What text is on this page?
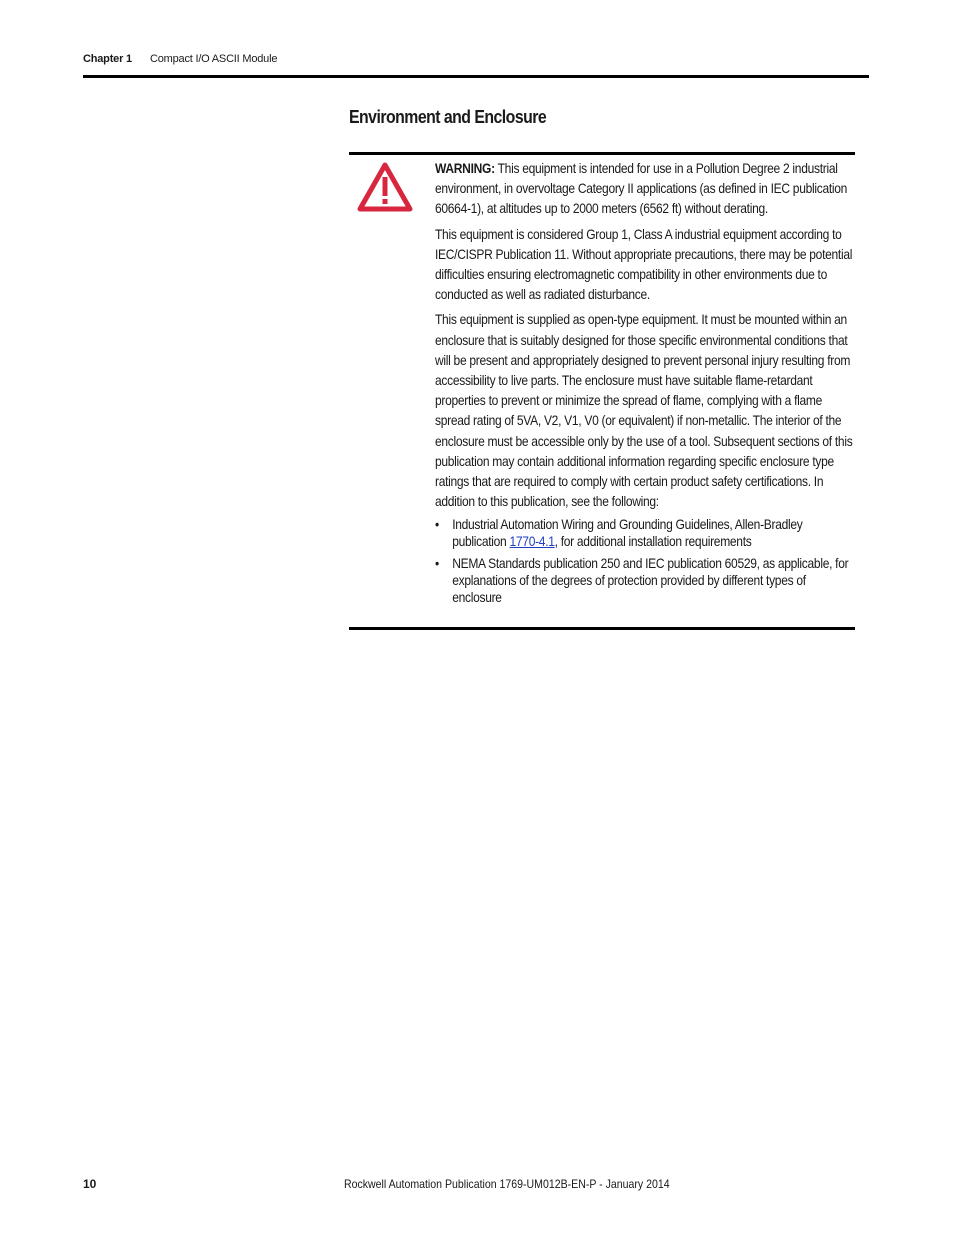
Chapter 1 Compact I/O ASCII Module
Environment and Enclosure

WARNING: This equipment is intended for use in a Pollution Degree 2 industrial environment, in overvoltage Category II applications (as defined in IEC publication 60664-1), at altitudes up to 2000 meters (6562 ft) without derating.

This equipment is considered Group 1, Class A industrial equipment according to IEC/CISPR Publication 11. Without appropriate precautions, there may be potential difficulties ensuring electromagnetic compatibility in other environments due to conducted as well as radiated disturbance.

This equipment is supplied as open-type equipment. It must be mounted within an enclosure that is suitably designed for those specific environmental conditions that will be present and appropriately designed to prevent personal injury resulting from accessibility to live parts. The enclosure must have suitable flame-retardant properties to prevent or minimize the spread of flame, complying with a flame spread rating of 5VA, V2, V1, V0 (or equivalent) if non-metallic. The interior of the enclosure must be accessible only by the use of a tool. Subsequent sections of this publication may contain additional information regarding specific enclosure type ratings that are required to comply with certain product safety certifications. In addition to this publication, see the following:

• Industrial Automation Wiring and Grounding Guidelines, Allen-Bradley publication 1770-4.1, for additional installation requirements
• NEMA Standards publication 250 and IEC publication 60529, as applicable, for explanations of the degrees of protection provided by different types of enclosure
10	Rockwell Automation Publication 1769-UM012B-EN-P - January 2014
